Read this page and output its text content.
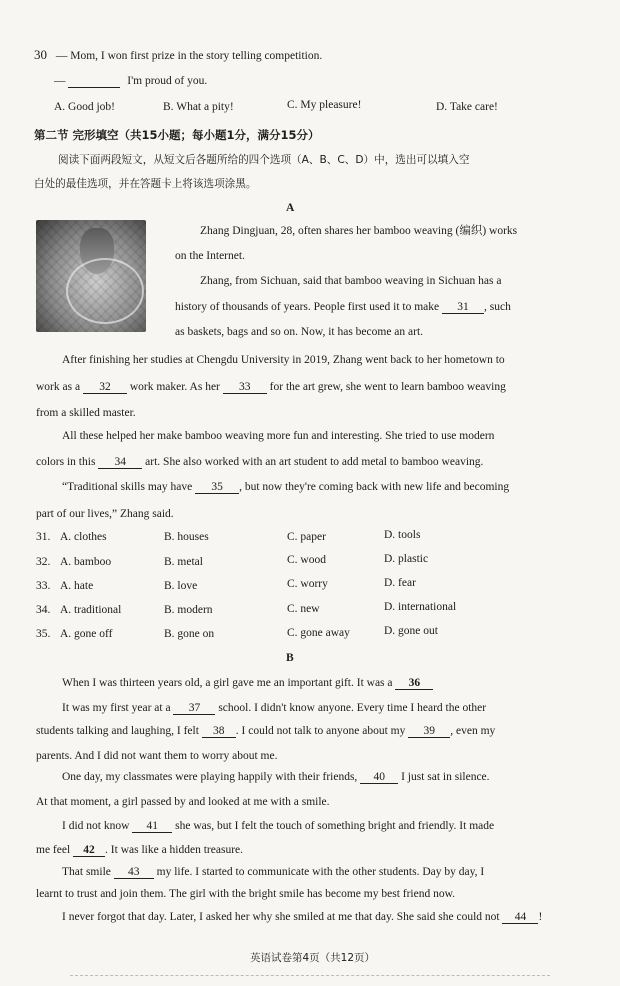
30 — Mom, I won first prize in the story telling competition.
—	I'm proud of you.
A. Good job!	B. What a pity!	C. My pleasure!	D. Take care!
第二节 完形填空（共15小题；每小题1分，满分15分）
阅读下面两段短文，从短文后各题所给的四个选项（A、B、C、D）中，选出可以填入空
白处的最佳选项，并在答题卡上将该选项涂黑。
A
Zhang Dingjuan, 28, often shares her bamboo weaving (编织) works
on the Internet.
Zhang, from Sichuan, said that bamboo weaving in Sichuan has a
history of thousands of years. People first used it to make 31 , such
as baskets, bags and so on. Now, it has become an art.
After finishing her studies at Chengdu University in 2019, Zhang went back to her hometown to
work as a 32 work maker. As her 33 for the art grew, she went to learn bamboo weaving
from a skilled master.
All these helped her make bamboo weaving more fun and interesting. She tried to use modern
colors in this 34 art. She also worked with an art student to add metal to bamboo weaving.
“Traditional skills may have 35 , but now they're coming back with new life and becoming
part of our lives,” Zhang said.
31. A. clothes	B. houses	C. paper	D. tools
32. A. bamboo	B. metal	C. wood	D. plastic
33. A. hate	B. love	C. worry	D. fear
34. A. traditional	B. modern	C. new	D. international
35. A. gone off	B. gone on	C. gone away	D. gone out
B
When I was thirteen years old, a girl gave me an important gift. It was a 36
It was my first year at a 37 school. I didn't know anyone. Every time I heard the other
students talking and laughing, I felt 38 . I could not talk to anyone about my 39 , even my
parents. And I did not want them to worry about me.
One day, my classmates were playing happily with their friends, 40 I just sat in silence.
At that moment, a girl passed by and looked at me with a smile.
I did not know 41 she was, but I felt the touch of something bright and friendly. It made
me feel 42 . It was like a hidden treasure.
That smile 43 my life. I started to communicate with the other students. Day by day, I
learnt to trust and join them. The girl with the bright smile has become my best friend now.
I never forgot that day. Later, I asked her why she smiled at me that day. She said she could not 44 !
英语试卷第4页（共12页）
